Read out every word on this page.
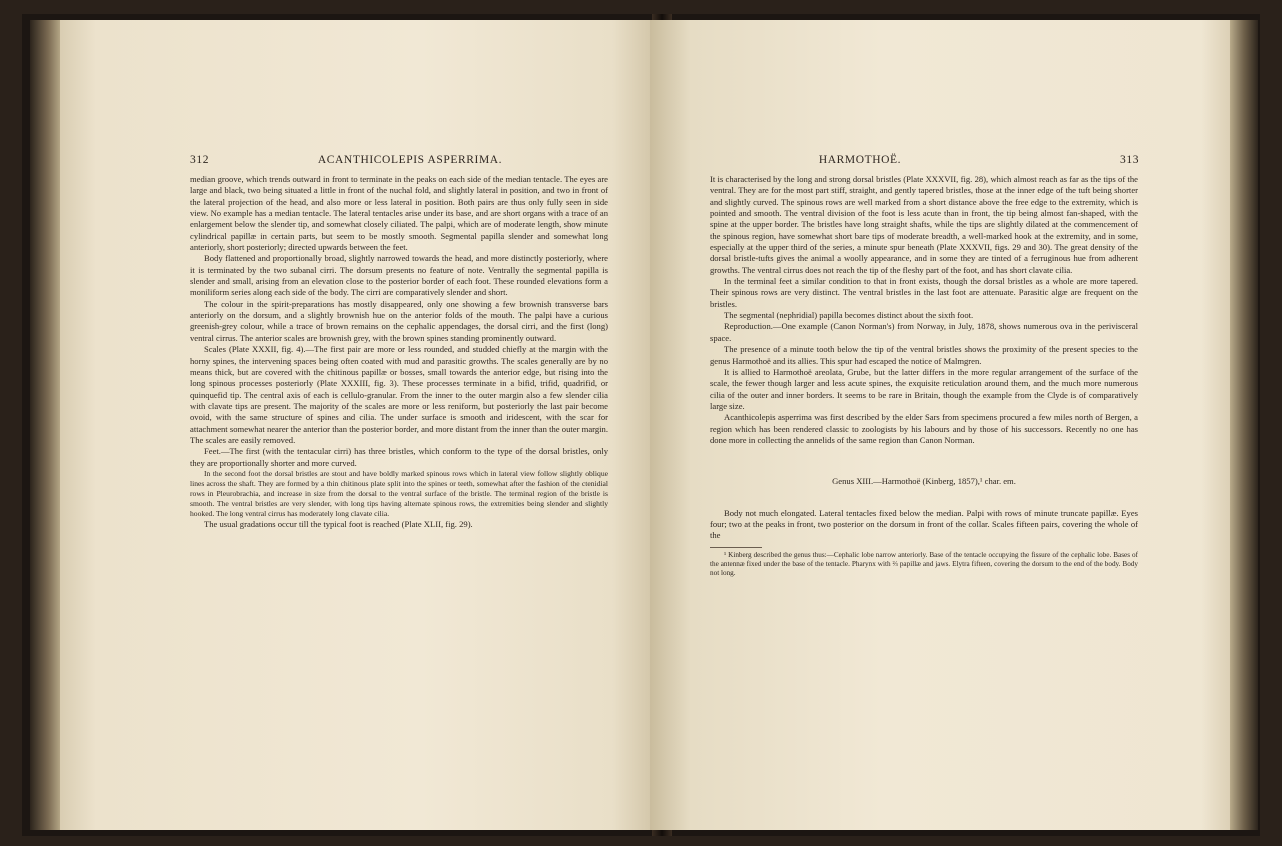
312	ACANTHICOLEPIS ASPERRIMA.

median groove, which trends outward in front to terminate in the peaks on each side of the median tentacle. The eyes are large and black, two being situated a little in front of the nuchal fold, and slightly lateral in position, and two in front of the lateral projection of the head, and also more or less lateral in position. Both pairs are thus only fully seen in side view. No example has a median tentacle. The lateral tentacles arise under its base, and are short organs with a trace of an enlargement below the slender tip, and somewhat closely ciliated. The palpi, which are of moderate length, show minute cylindrical papillæ in certain parts, but seem to be mostly smooth. Segmental papilla slender and somewhat long anteriorly, short posteriorly; directed upwards between the feet.

Body flattened and proportionally broad, slightly narrowed towards the head, and more distinctly posteriorly, where it is terminated by the two subanal cirri. The dorsum presents no feature of note. Ventrally the segmental papilla is slender and small, arising from an elevation close to the posterior border of each foot. These rounded elevations form a moniliform series along each side of the body. The cirri are comparatively slender and short.

The colour in the spirit-preparations has mostly disappeared, only one showing a few brownish transverse bars anteriorly on the dorsum, and a slightly brownish hue on the anterior folds of the mouth. The palpi have a curious greenish-grey colour, while a trace of brown remains on the cephalic appendages, the dorsal cirri, and the first (long) ventral cirrus. The anterior scales are brownish grey, with the brown spines standing prominently outward.

Scales (Plate XXXII, fig. 4).—The first pair are more or less rounded, and studded chiefly at the margin with the horny spines, the intervening spaces being often coated with mud and parasitic growths. The scales generally are by no means thick, but are covered with the chitinous papillæ or bosses, small towards the anterior edge, but rising into the long spinous processes posteriorly (Plate XXXIII, fig. 3). These processes terminate in a bifid, trifid, quadrifid, or quinquefid tip. The central axis of each is cellulo-granular. From the inner to the outer margin also a few slender cilia with clavate tips are present. The majority of the scales are more or less reniform, but posteriorly the last pair become ovoid, with the same structure of spines and cilia. The under surface is smooth and iridescent, with the scar for attachment somewhat nearer the anterior than the posterior border, and more distant from the inner than the outer margin. The scales are easily removed.

Feet.—The first (with the tentacular cirri) has three bristles, which conform to the type of the dorsal bristles, only they are proportionally shorter and more curved.

In the second foot the dorsal bristles are stout and have boldly marked spinous rows which in lateral view follow slightly oblique lines across the shaft. They are formed by a thin chitinous plate split into the spines or teeth, somewhat after the fashion of the ctenidial rows in Pleurobrachia, and increase in size from the dorsal to the ventral surface of the bristle. The terminal region of the bristle is smooth. The ventral bristles are very slender, with long tips having alternate spinous rows, the extremities being slender and slightly hooked. The long ventral cirrus has moderately long clavate cilia.

The usual gradations occur till the typical foot is reached (Plate XLII, fig. 29).

HARMOTHOË.	313

It is characterised by the long and strong dorsal bristles (Plate XXXVII, fig. 28), which almost reach as far as the tips of the ventral. They are for the most part stiff, straight, and gently tapered bristles, those at the inner edge of the tuft being shorter and slightly curved. The spinous rows are well marked from a short distance above the free edge to the extremity, which is pointed and smooth. The ventral division of the foot is less acute than in front, the tip being almost fan-shaped, with the spine at the upper border. The bristles have long straight shafts, while the tips are slightly dilated at the commencement of the spinous region, have somewhat short bare tips of moderate breadth, a well-marked hook at the extremity, and in some, especially at the upper third of the series, a minute spur beneath (Plate XXXVII, figs. 29 and 30). The great density of the dorsal bristle-tufts gives the animal a woolly appearance, and in some they are tinted of a ferruginous hue from adherent growths. The ventral cirrus does not reach the tip of the fleshy part of the foot, and has short clavate cilia.

In the terminal feet a similar condition to that in front exists, though the dorsal bristles as a whole are more tapered. Their spinous rows are very distinct. The ventral bristles in the last foot are attenuate. Parasitic algæ are frequent on the bristles.

The segmental (nephridial) papilla becomes distinct about the sixth foot.

Reproduction.—One example (Canon Norman's) from Norway, in July, 1878, shows numerous ova in the perivisceral space.

The presence of a minute tooth below the tip of the ventral bristles shows the proximity of the present species to the genus Harmothoë and its allies. This spur had escaped the notice of Malmgren.

It is allied to Harmothoë areolata, Grube, but the latter differs in the more regular arrangement of the surface of the scale, the fewer though larger and less acute spines, the exquisite reticulation around them, and the much more numerous cilia of the outer and inner borders. It seems to be rare in Britain, though the example from the Clyde is of comparatively large size.

Acanthicolepis asperrima was first described by the elder Sars from specimens procured a few miles north of Bergen, a region which has been rendered classic to zoologists by his labours and by those of his successors. Recently no one has done more in collecting the annelids of the same region than Canon Norman.

Genus XIII.—Harmothoë (Kinberg, 1857),¹ char. em.

Body not much elongated. Lateral tentacles fixed below the median. Palpi with rows of minute truncate papillæ. Eyes four; two at the peaks in front, two posterior on the dorsum in front of the collar. Scales fifteen pairs, covering the whole of the

¹ Kinberg described the genus thus:—Cephalic lobe narrow anteriorly. Base of the tentacle occupying the fissure of the cephalic lobe. Bases of the antennæ fixed under the base of the tentacle. Pharynx with ⅔ papillæ and jaws. Elytra fifteen, covering the dorsum to the end of the body. Body not long.
